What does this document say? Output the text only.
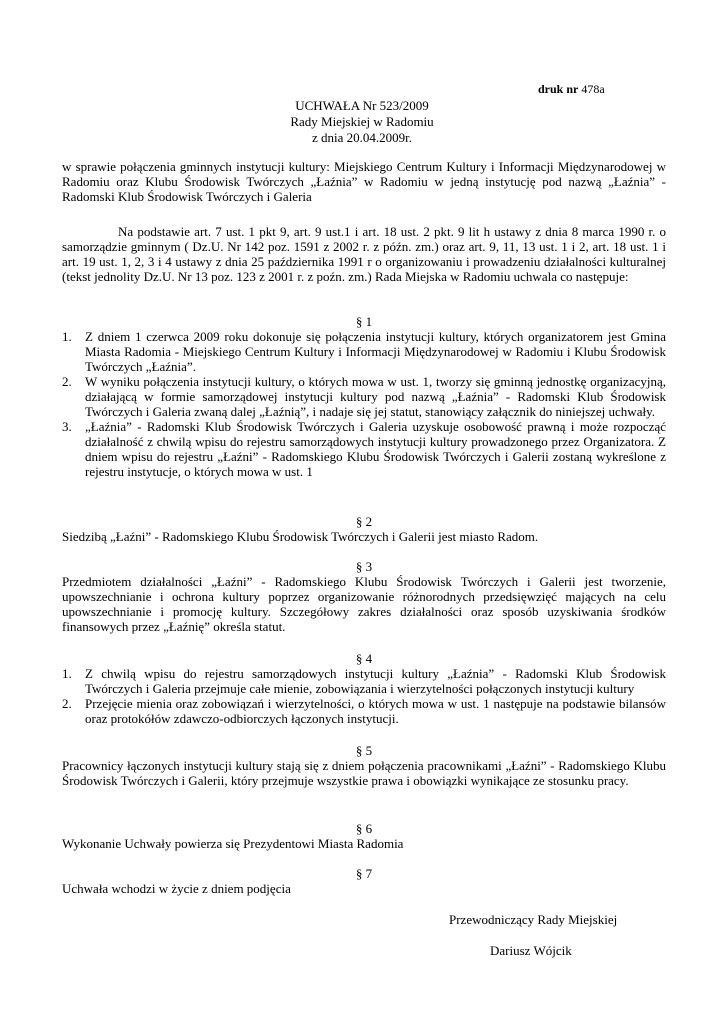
druk nr 478a
UCHWAŁA Nr 523/2009
Rady Miejskiej w Radomiu
z dnia 20.04.2009r.
w sprawie połączenia gminnych instytucji kultury: Miejskiego Centrum Kultury i Informacji Międzynarodowej w Radomiu oraz Klubu Środowisk Twórczych „Łaźnia” w Radomiu w jedną instytucję pod nazwą „Łaźnia” - Radomski Klub Środowisk Twórczych i Galeria
Na podstawie art. 7 ust. 1 pkt 9, art. 9 ust.1 i art. 18 ust. 2 pkt. 9 lit h ustawy z dnia 8 marca 1990 r. o samorządzie gminnym ( Dz.U. Nr 142 poz. 1591 z 2002 r. z późn. zm.) oraz art. 9, 11, 13 ust. 1 i 2, art. 18 ust. 1 i art. 19 ust. 1, 2, 3 i 4 ustawy z dnia 25 października 1991 r o organizowaniu i prowadzeniu działalności kulturalnej (tekst jednolity Dz.U. Nr 13 poz. 123 z 2001 r. z poźn. zm.) Rada Miejska w Radomiu uchwala co następuje:
§ 1
1. Z dniem 1 czerwca 2009 roku dokonuje się połączenia instytucji kultury, których organizatorem jest Gmina Miasta Radomia - Miejskiego Centrum Kultury i Informacji Międzynarodowej w Radomiu i Klubu Środowisk Twórczych „Łaźnia”.
2. W wyniku połączenia instytucji kultury, o których mowa w ust. 1, tworzy się gminną jednostkę organizacyjną, działającą w formie samorządowej instytucji kultury pod nazwą „Łaźnia” - Radomski Klub Środowisk Twórczych i Galeria zwaną dalej „Łaźnią”, i nadaje się jej statut, stanowiący załącznik do niniejszej uchwały.
3. „Łaźnia” - Radomski Klub Środowisk Twórczych i Galeria uzyskuje osobowość prawną i może rozpocząć działalność z chwilą wpisu do rejestru samorządowych instytucji kultury prowadzonego przez Organizatora. Z dniem wpisu do rejestru „Łaźni” - Radomskiego Klubu Środowisk Twórczych i Galerii zostaną wykreślone z rejestru instytucje, o których mowa w ust. 1
§ 2
Siedzibą „Łaźni” - Radomskiego Klubu Środowisk Twórczych i Galerii jest miasto Radom.
§ 3
Przedmiotem działalności „Łaźni” - Radomskiego Klubu Środowisk Twórczych i Galerii jest tworzenie, upowszechnianie i ochrona kultury poprzez organizowanie różnorodnych przedsięwzięć mających na celu upowszechnianie i promocję kultury. Szczegółowy zakres działalności oraz sposób uzyskiwania środków finansowych przez „Łaźnię” określa statut.
§ 4
1. Z chwilą wpisu do rejestru samorządowych instytucji kultury „Łaźnia” - Radomski Klub Środowisk Twórczych i Galeria przejmuje całe mienie, zobowiązania i wierzytelności połączonych instytucji kultury
2. Przejęcie mienia oraz zobowiązań i wierzytelności, o których mowa w ust. 1 następuje na podstawie bilansów oraz protokółów zdawczo-odbiorczych łączonych instytucji.
§ 5
Pracownicy łączonych instytucji kultury stają się z dniem połączenia pracownikami „Łaźni” - Radomskiego Klubu Środowisk Twórczych i Galerii, który przejmuje wszystkie prawa i obowiązki wynikające ze stosunku pracy.
§ 6
Wykonanie Uchwały powierza się Prezydentowi Miasta Radomia
§ 7
Uchwała wchodzi w życie z dniem podjęcia
Przewodniczący Rady Miejskiej
Dariusz Wójcik
